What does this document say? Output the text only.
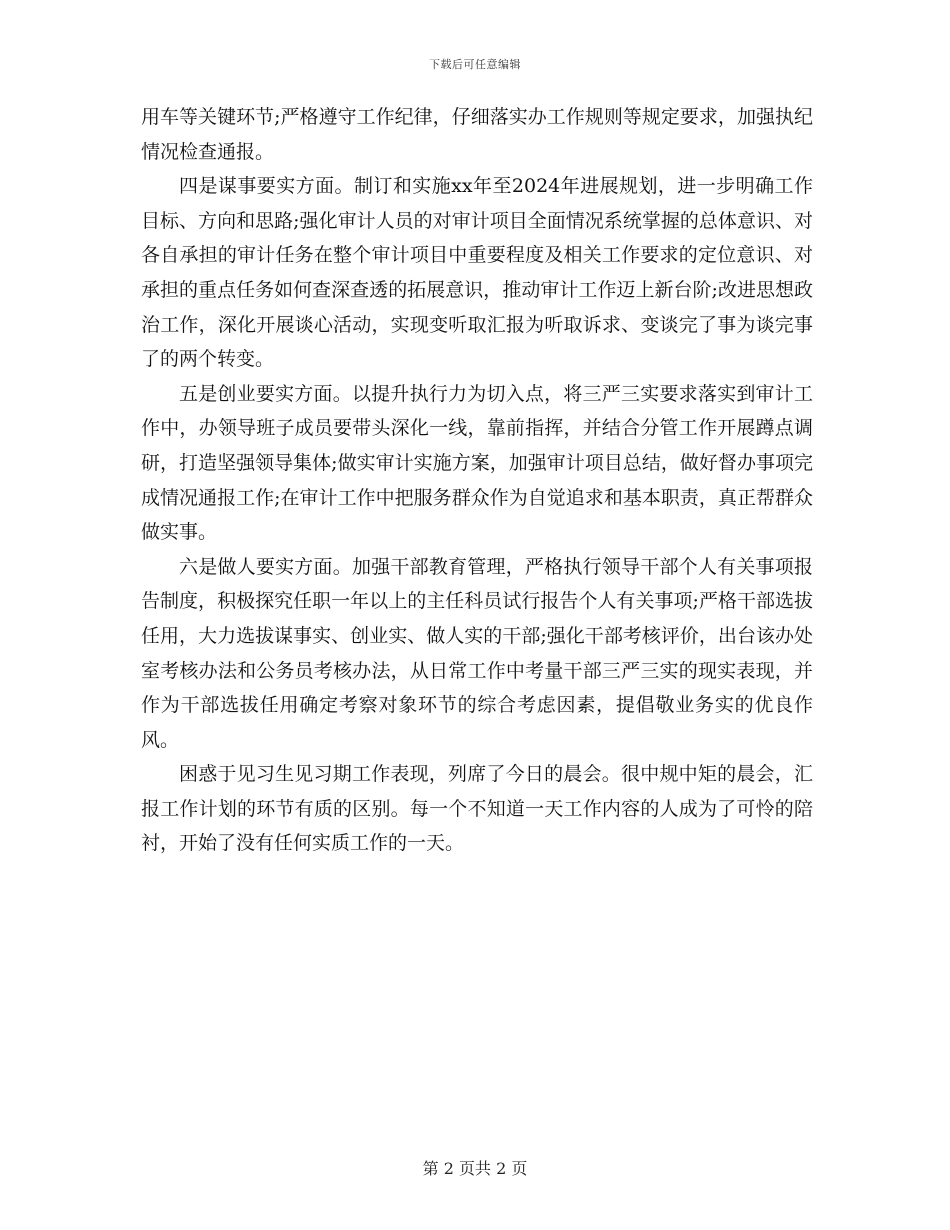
下载后可任意编辑

用车等关键环节;严格遵守工作纪律，仔细落实办工作规则等规定要求，加强执纪情况检查通报。

四是谋事要实方面。制订和实施xx年至2024年进展规划，进一步明确工作目标、方向和思路;强化审计人员的对审计项目全面情况系统掌握的总体意识、对各自承担的审计任务在整个审计项目中重要程度及相关工作要求的定位意识、对承担的重点任务如何查深查透的拓展意识，推动审计工作迈上新台阶;改进思想政治工作，深化开展谈心活动，实现变听取汇报为听取诉求、变谈完了事为谈完事了的两个转变。

五是创业要实方面。以提升执行力为切入点，将三严三实要求落实到审计工作中，办领导班子成员要带头深化一线，靠前指挥，并结合分管工作开展蹲点调研，打造坚强领导集体;做实审计实施方案，加强审计项目总结，做好督办事项完成情况通报工作;在审计工作中把服务群众作为自觉追求和基本职责，真正帮群众做实事。

六是做人要实方面。加强干部教育管理，严格执行领导干部个人有关事项报告制度，积极探究任职一年以上的主任科员试行报告个人有关事项;严格干部选拔任用，大力选拔谋事实、创业实、做人实的干部;强化干部考核评价，出台该办处室考核办法和公务员考核办法，从日常工作中考量干部三严三实的现实表现，并作为干部选拔任用确定考察对象环节的综合考虑因素，提倡敬业务实的优良作风。

困惑于见习生见习期工作表现，列席了今日的晨会。很中规中矩的晨会，汇报工作计划的环节有质的区别。每一个不知道一天工作内容的人成为了可怜的陪衬，开始了没有任何实质工作的一天。

第 2 页共 2 页
